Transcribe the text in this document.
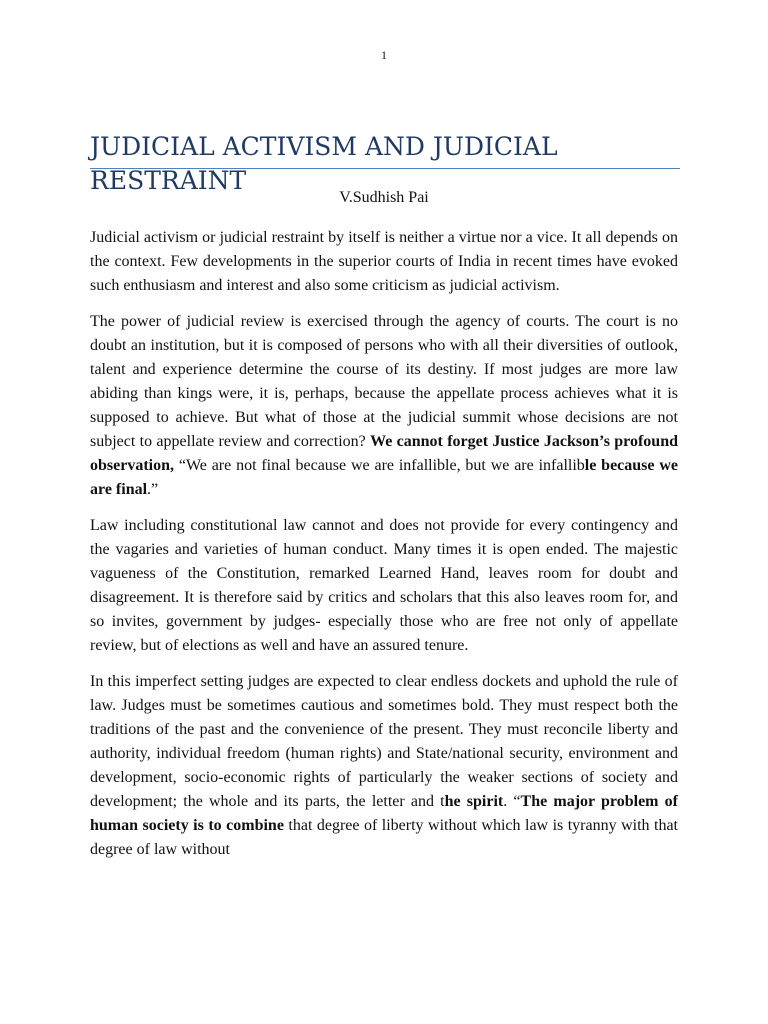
1
JUDICIAL ACTIVISM AND JUDICIAL RESTRAINT
V.Sudhish Pai

Judicial activism or judicial restraint by itself is neither a virtue nor a vice. It all depends on the context. Few developments in the superior courts of India in recent times have evoked such enthusiasm and interest and also some criticism as judicial activism.

The power of judicial review is exercised through the agency of courts. The court is no doubt an institution, but it is composed of persons who with all their diversities of outlook, talent and experience determine the course of its destiny. If most judges are more law abiding than kings were, it is, perhaps, because the appellate process achieves what it is supposed to achieve. But what of those at the judicial summit whose decisions are not subject to appellate review and correction? We cannot forget Justice Jackson’s profound observation, “We are not final because we are infallible, but we are infallible because we are final.”

Law including constitutional law cannot and does not provide for every contingency and the vagaries and varieties of human conduct. Many times it is open ended. The majestic vagueness of the Constitution, remarked Learned Hand, leaves room for doubt and disagreement. It is therefore said by critics and scholars that this also leaves room for, and so invites, government by judges- especially those who are free not only of appellate review, but of elections as well and have an assured tenure.

In this imperfect setting judges are expected to clear endless dockets and uphold the rule of law. Judges must be sometimes cautious and sometimes bold. They must respect both the traditions of the past and the convenience of the present. They must reconcile liberty and authority, individual freedom (human rights) and State/national security, environment and development, socio-economic rights of particularly the weaker sections of society and development; the whole and its parts, the letter and the spirit. “The major problem of human society is to combine that degree of liberty without which law is tyranny with that degree of law without
